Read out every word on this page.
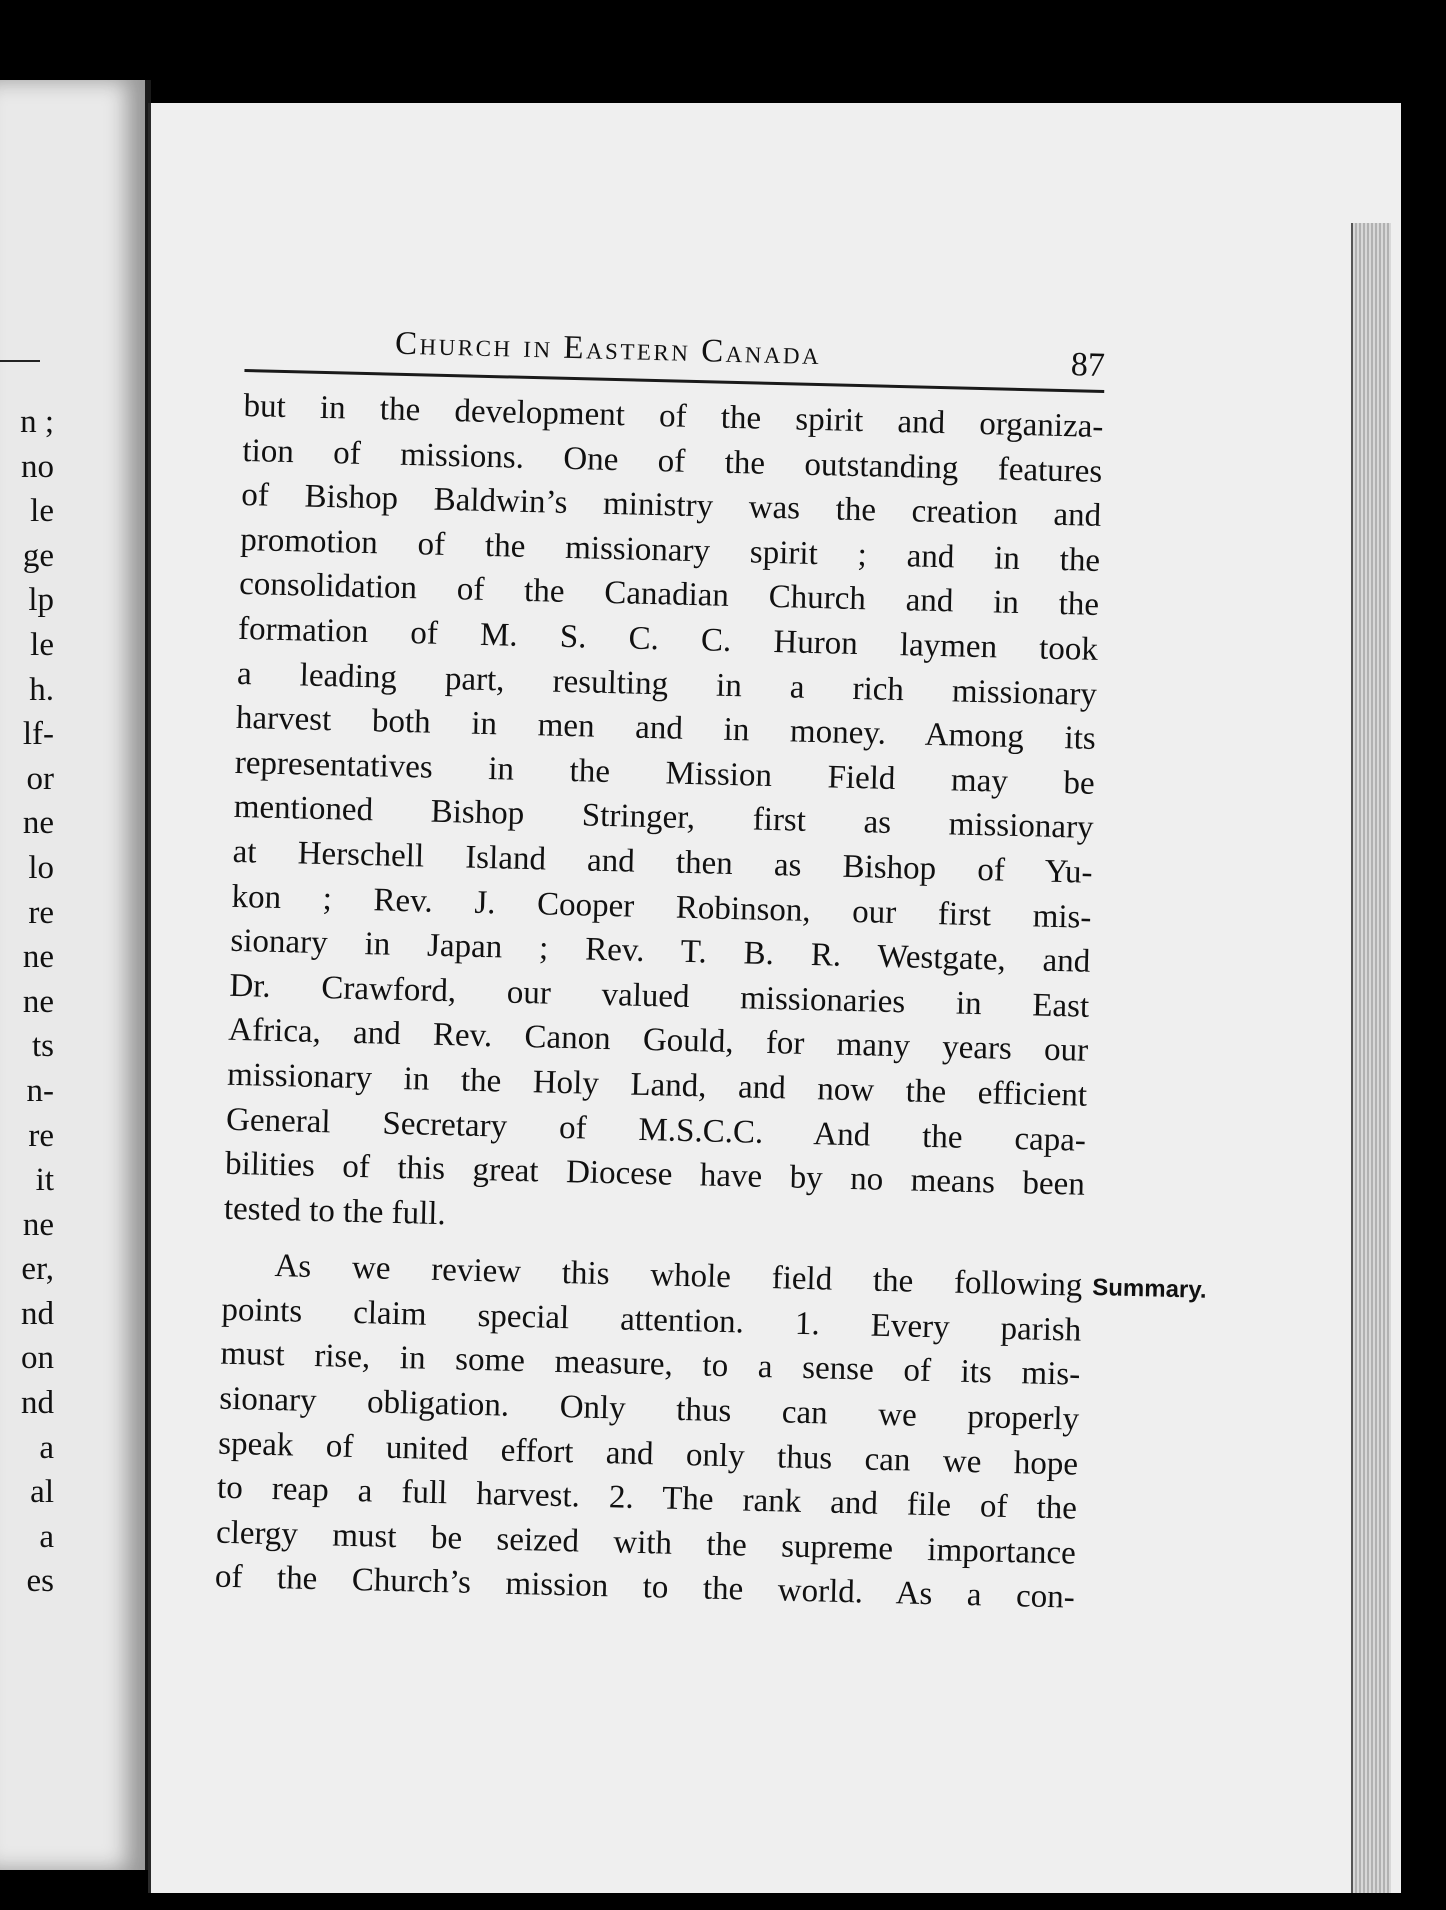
n ;
no
le
ge
lp
le
h.
lf-
or
ne
lo
re
ne
ne
ts
n-
re
it
ne
er,
nd
on
nd
a
al
a
es
Church in Eastern Canada	87

but in the development of the spirit and organiza-
tion of missions. One of the outstanding features
of Bishop Baldwin’s ministry was the creation and
promotion of the missionary spirit ; and in the
consolidation of the Canadian Church and in the
formation of M. S. C. C. Huron laymen took
a leading part, resulting in a rich missionary
harvest both in men and in money. Among its
representatives in the Mission Field may be
mentioned Bishop Stringer, first as missionary
at Herschell Island and then as Bishop of Yu-
kon ; Rev. J. Cooper Robinson, our first mis-
sionary in Japan ; Rev. T. B. R. Westgate, and
Dr. Crawford, our valued missionaries in East
Africa, and Rev. Canon Gould, for many years our
missionary in the Holy Land, and now the efficient
General Secretary of M.S.C.C. And the capa-
bilities of this great Diocese have by no means been
tested to the full.

Summary.
As we review this whole field the following
points claim special attention. 1. Every parish
must rise, in some measure, to a sense of its mis-
sionary obligation. Only thus can we properly
speak of united effort and only thus can we hope
to reap a full harvest. 2. The rank and file of the
clergy must be seized with the supreme importance
of the Church’s mission to the world. As a con-
